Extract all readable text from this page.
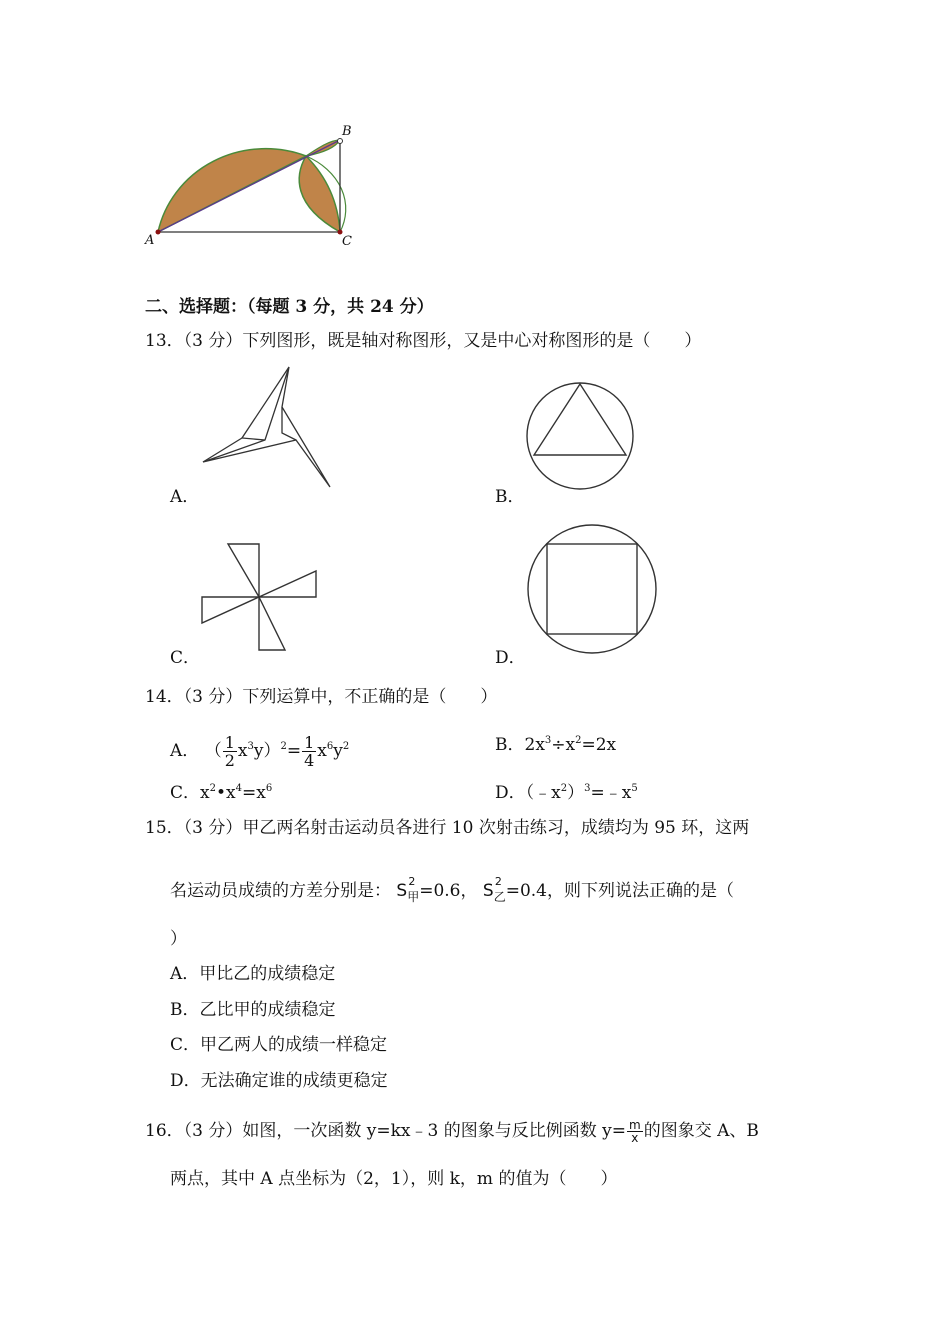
A
B
C
二、选择题：（每题 3 分，共 24 分）
13．（3 分）下列图形，既是轴对称图形，又是中心对称图形的是（　　）
A．	B．
C．	D．
14．（3 分）下列运算中，不正确的是（　　）
A． （ $\frac{1}{2} x^3y)^2= \frac{1}{4} x^6y^2$	B．$2x^3\div x^2=2x$
C．$x^2•x^4=x^6$	D．$(﹣x^2)^3=﹣x^5$
15．（3 分）甲乙两名射击运动员各进行 10 次射击练习，成绩均为 95 环，这两
名运动员成绩的方差分别是： S 2
$_甲$=0.6， S 2
$_乙$=0.4，则下列说法正确的是（
）
A．甲比乙的成绩稳定
B．乙比甲的成绩稳定
C．甲乙两人的成绩一样稳定
D．无法确定谁的成绩更稳定
16．（3 分）如图，一次函数 y=kx﹣3 的图象与反比例函数 $y= \frac{m}{x}$ 的图象交 A、B
两点，其中 A 点坐标为（2，1），则 k，m 的值为（　　）
